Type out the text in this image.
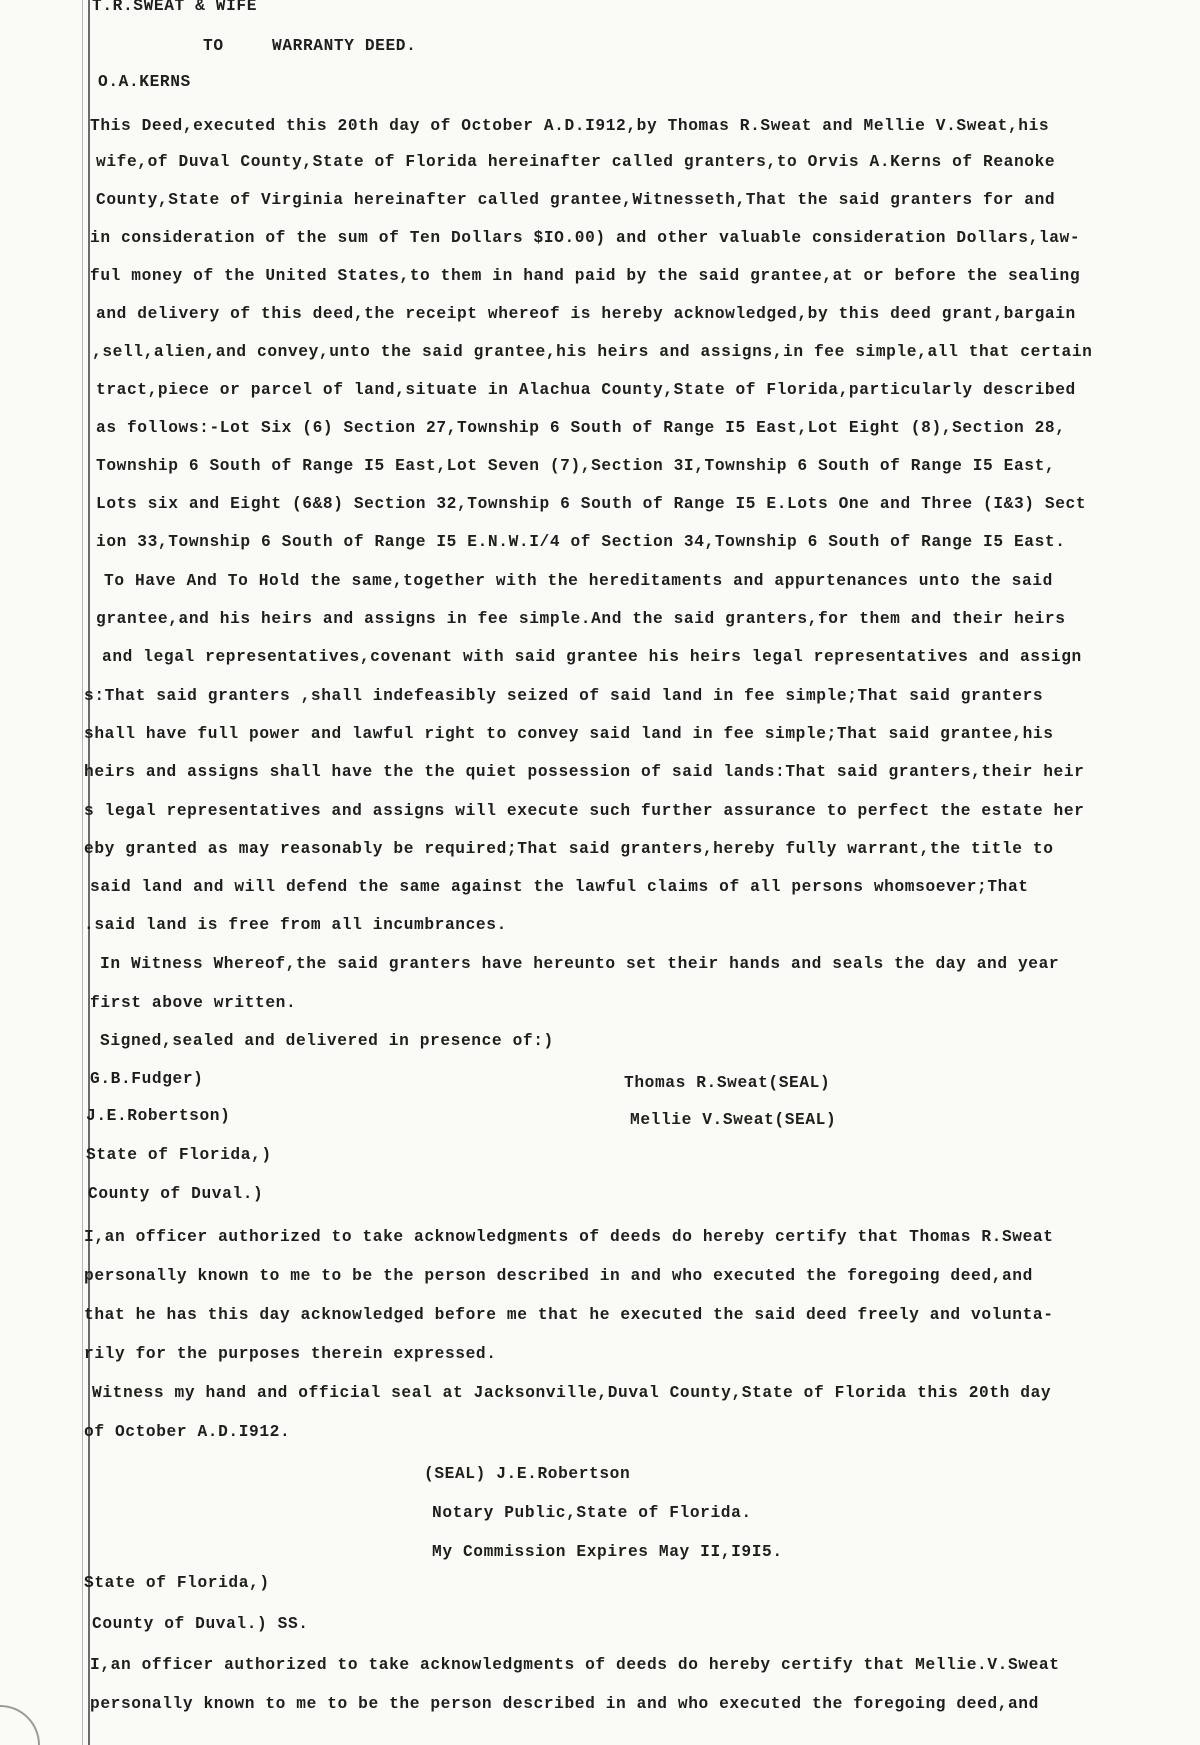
T.R.SWEAT & WIFE
TO	WARRANTY DEED.
O.A.KERNS
This Deed,executed this 20th day of October A.D.I912,by Thomas R.Sweat and Mellie V.Sweat,his
wife,of Duval County,State of Florida hereinafter called granters,to Orvis A.Kerns of Reanoke
County,State of Virginia hereinafter called grantee,Witnesseth,That the said granters for and
in consideration of the sum of Ten Dollars $IO.00) and other valuable consideration Dollars,law-
ful money of the United States,to them in hand paid by the said grantee,at or before the sealing
and delivery of this deed,the receipt whereof is hereby acknowledged,by this deed grant,bargain
,sell,alien,and convey,unto the said grantee,his heirs and assigns,in fee simple,all that certain
tract,piece or parcel of land,situate in Alachua County,State of Florida,particularly described
as follows:-Lot Six (6) Section 27,Township 6 South of Range I5 East,Lot Eight (8),Section 28,
Township 6 South of Range I5 East,Lot Seven (7),Section 3I,Township 6 South of Range I5 East,
Lots six and Eight (6&8) Section 32,Township 6 South of Range I5 E.Lots One and Three (I&3) Sect
ion 33,Township 6 South of Range I5 E.N.W.I/4 of Section 34,Township 6 South of Range I5 East.
To Have And To Hold the same,together with the hereditaments and appurtenances unto the said
grantee,and his heirs and assigns in fee simple.And the said granters,for them and their heirs
and legal representatives,covenant with said grantee his heirs legal representatives and assign
s:That said granters ,shall indefeasibly seized of said land in fee simple;That said granters
shall have full power and lawful right to convey said land in fee simple;That said grantee,his
heirs and assigns shall have the the quiet possession of said lands:That said granters,their heir
s legal representatives and assigns will execute such further assurance to perfect the estate her
eby granted as may reasonably be required;That said granters,hereby fully warrant,the title to
said land and will defend the same against the lawful claims of all persons whomsoever;That
.said land is free from all incumbrances.
In Witness Whereof,the said granters have hereunto set their hands and seals the day and year
first above written.
Signed,sealed and delivered in presence of:)
G.B.Fudger)
J.E.Robertson)
Thomas R.Sweat(SEAL)
Mellie V.Sweat(SEAL)
State of Florida,)
County of Duval.)
I,an officer authorized to take acknowledgments of deeds do hereby certify that Thomas R.Sweat
personally known to me to be the person described in and who executed the foregoing deed,and
that he has this day acknowledged before me that he executed the said deed freely and volunta-
rily for the purposes therein expressed.
Witness my hand and official seal at Jacksonville,Duval County,State of Florida this 20th day
of October A.D.I912.
(SEAL) J.E.Robertson
Notary Public,State of Florida.
My Commission Expires May II,I9I5.
State of Florida,)
County of Duval.) SS.
I,an officer authorized to take acknowledgments of deeds do hereby certify that Mellie.V.Sweat
personally known to me to be the person described in and who executed the foregoing deed,and
